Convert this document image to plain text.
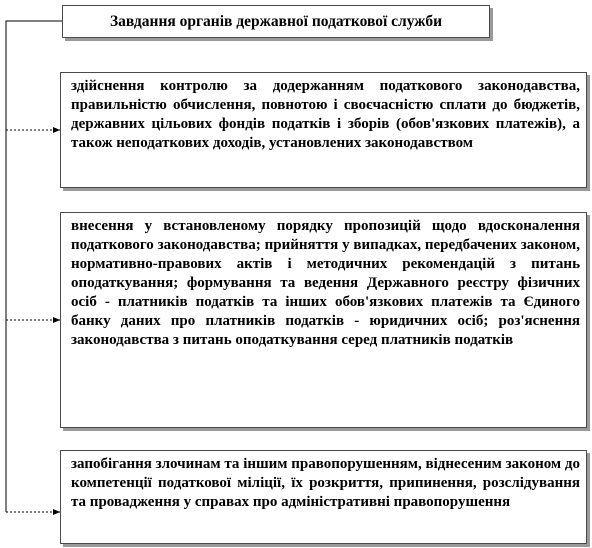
Завдання органів державної податкової служби
здійснення контролю за додержанням податкового законодавства, правильністю обчислення, повнотою і своєчасністю сплати до бюджетів, державних цільових фондів податків і зборів (обов'язкових платежів), а також неподаткових доходів, установлених законодавством
внесення у встановленому порядку пропозицій щодо вдосконалення податкового законодавства; прийняття у випадках, передбачених законом, нормативно-правових актів і методичних рекомендацій з питань оподаткування; формування та ведення Державного реєстру фізичних осіб - платників податків та інших обов'язкових платежів та Єдиного банку даних про платників податків - юридичних осіб; роз'яснення законодавства з питань оподаткування серед платників податків
запобігання злочинам та іншим правопорушенням, віднесеним законом до компетенції податкової міліції, їх розкриття, припинення, розслідування та провадження у справах про адміністративні правопорушення
